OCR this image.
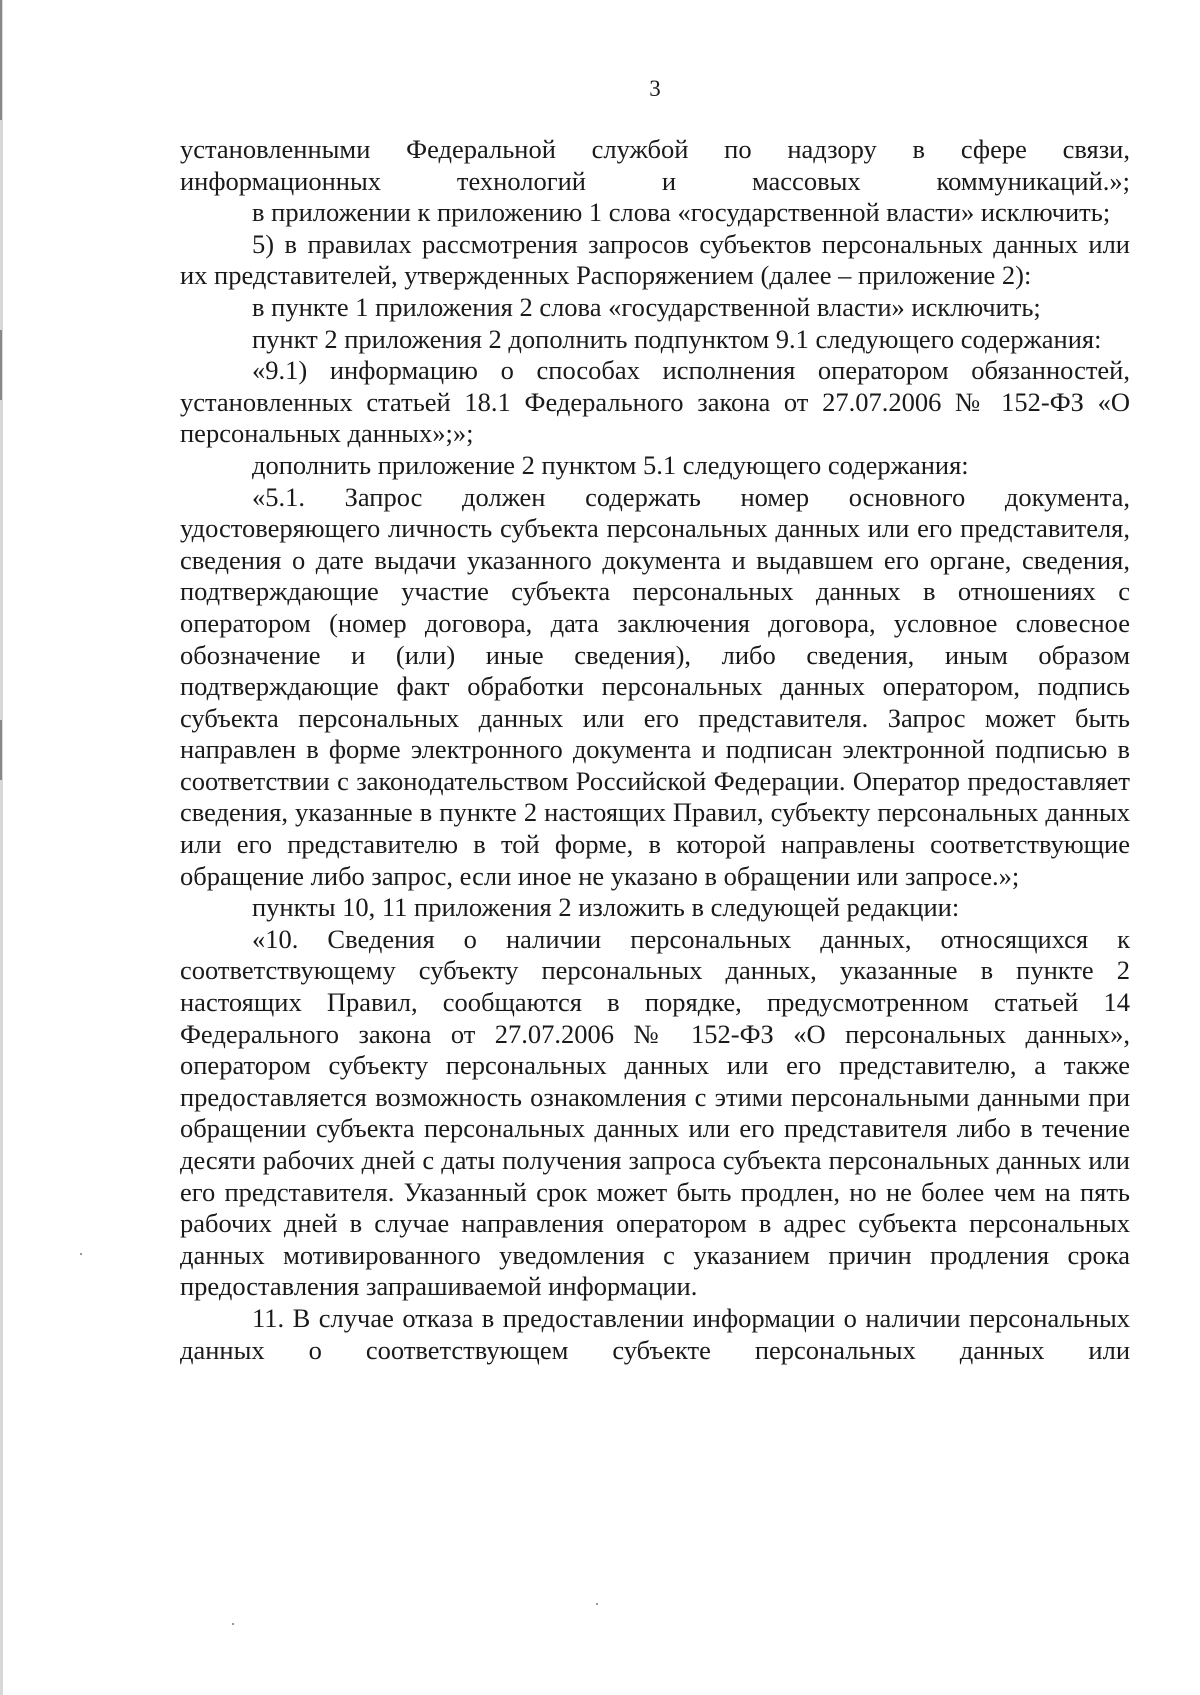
3

установленными Федеральной службой по надзору в сфере связи, информационных технологий и массовых коммуникаций.»;

в приложении к приложению 1 слова «государственной власти» исключить;

5) в правилах рассмотрения запросов субъектов персональных данных или их представителей, утвержденных Распоряжением (далее – приложение 2):

в пункте 1 приложения 2 слова «государственной власти» исключить;

пункт 2 приложения 2 дополнить подпунктом 9.1 следующего содержания:

«9.1) информацию о способах исполнения оператором обязанностей, установленных статьей 18.1 Федерального закона от 27.07.2006 № 152-ФЗ «О персональных данных»;»;

дополнить приложение 2 пунктом 5.1 следующего содержания:

«5.1. Запрос должен содержать номер основного документа, удостоверяющего личность субъекта персональных данных или его представителя, сведения о дате выдачи указанного документа и выдавшем его органе, сведения, подтверждающие участие субъекта персональных данных в отношениях с оператором (номер договора, дата заключения договора, условное словесное обозначение и (или) иные сведения), либо сведения, иным образом подтверждающие факт обработки персональных данных оператором, подпись субъекта персональных данных или его представителя. Запрос может быть направлен в форме электронного документа и подписан электронной подписью в соответствии с законодательством Российской Федерации. Оператор предоставляет сведения, указанные в пункте 2 настоящих Правил, субъекту персональных данных или его представителю в той форме, в которой направлены соответствующие обращение либо запрос, если иное не указано в обращении или запросе.»;

пункты 10, 11 приложения 2 изложить в следующей редакции:

«10. Сведения о наличии персональных данных, относящихся к соответствующему субъекту персональных данных, указанные в пункте 2 настоящих Правил, сообщаются в порядке, предусмотренном статьей 14 Федерального закона от 27.07.2006 № 152-ФЗ «О персональных данных», оператором субъекту персональных данных или его представителю, а также предоставляется возможность ознакомления с этими персональными данными при обращении субъекта персональных данных или его представителя либо в течение десяти рабочих дней с даты получения запроса субъекта персональных данных или его представителя. Указанный срок может быть продлен, но не более чем на пять рабочих дней в случае направления оператором в адрес субъекта персональных данных мотивированного уведомления с указанием причин продления срока предоставления запрашиваемой информации.

11. В случае отказа в предоставлении информации о наличии персональных данных о соответствующем субъекте персональных данных или
